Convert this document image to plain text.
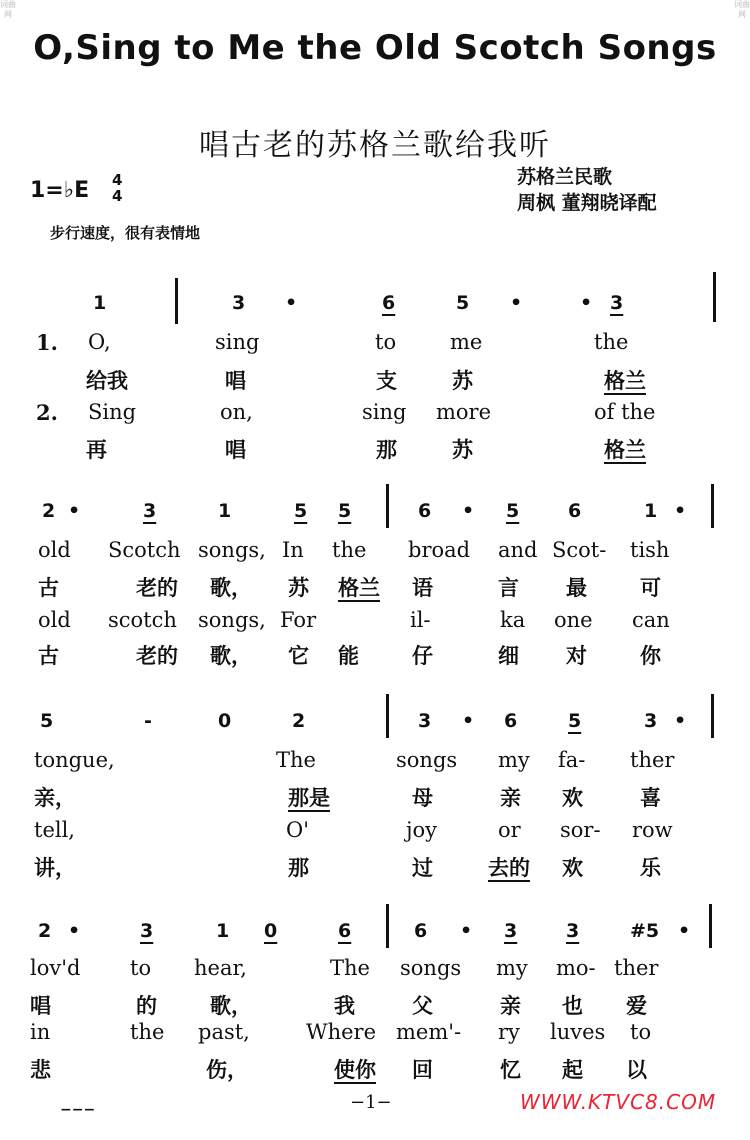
词曲网
词曲网
O,Sing to Me the Old Scotch Songs
唱古老的苏格兰歌给我听
1=♭E 4
4
苏格兰民歌
周枫 董翔晓译配
步行速度，很有表情地
1	3 •	6	5 •	• 3
1. O,	sing	to	me	the
给我	唱	支	苏	格兰
2. Sing	on,	sing more	of the
再	唱	那	苏	格兰
2 •	3	1	5	5	6 • 5	6	1 •
old Scotch songs, In the broad and Scot- tish
古	老的 歌， 苏 格兰 语	言 最	可
old scotch songs, For	il-	ka one can
古	老的 歌， 它 能	仔	细 对	你
5	-	0	2	3 • 6	5	3 •
tongue,	The	songs my fa- ther
亲，	那是	母	亲 欢	喜
tell,	O'	joy	or sor- row
讲，	那	过	去的 欢	乐
2 •	3	1 0	6	6 • 3	3	#5 •
lov'd to hear,	The songs my mo- ther
唱	的	歌，	我	父	亲 也 爱
in	the past,	Where mem'- ry luves to
悲	伤，	使你 回	忆 起 以
−−−	−1−	WWW.KTVC8.COM
